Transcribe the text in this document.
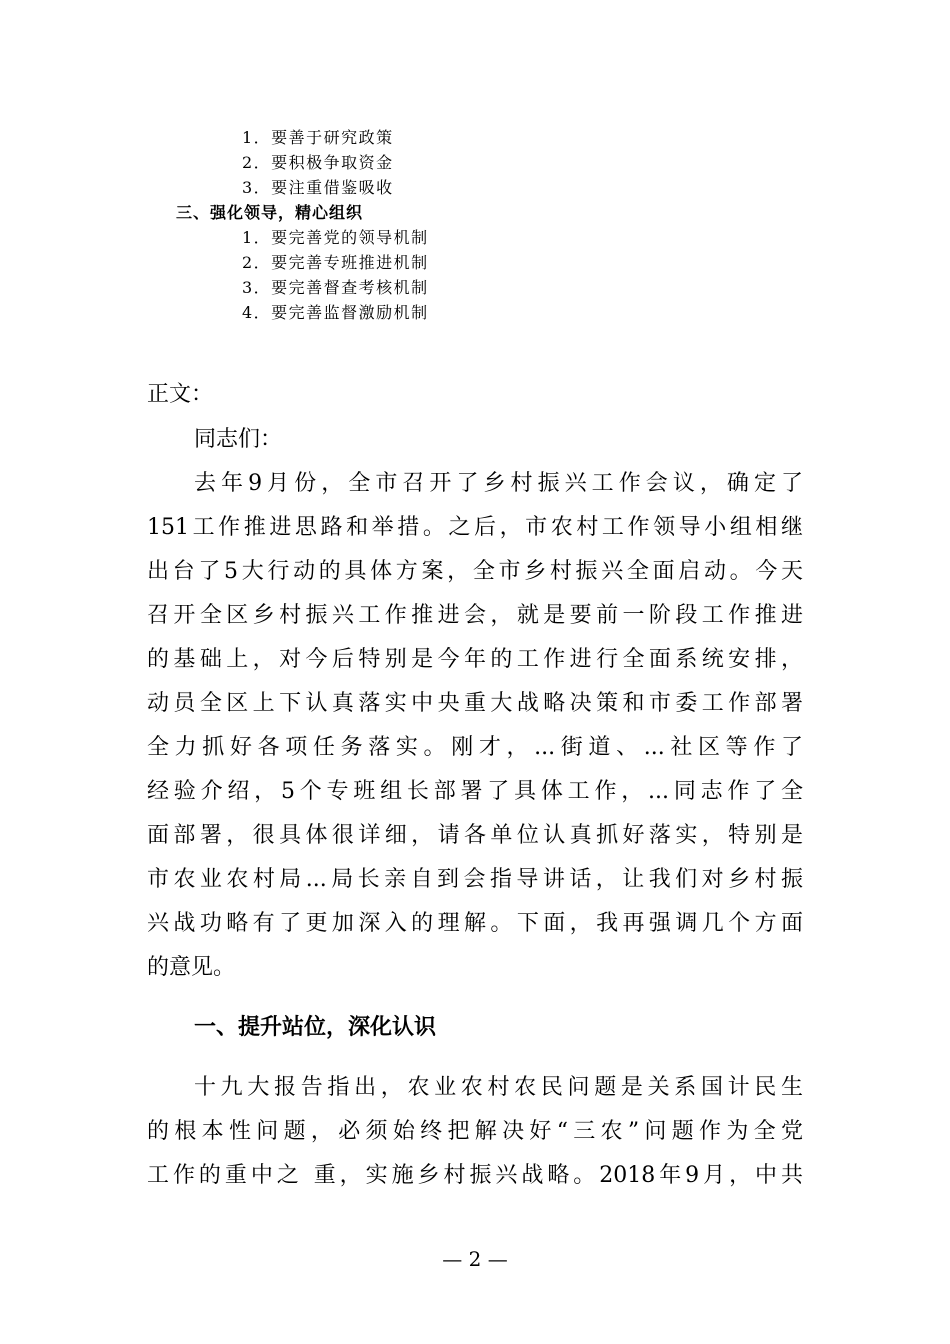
1．要善于研究政策
2．要积极争取资金
3．要注重借鉴吸收
三、强化领导，精心组织
1．要完善党的领导机制
2．要完善专班推进机制
3．要完善督查考核机制
4．要完善监督激励机制
正文：
同志们：
去年9月份，全市召开了乡村振兴工作会议，确定了
151工作推进思路和举措。之后，市农村工作领导小组相继
出台了5大行动的具体方案，全市乡村振兴全面启动。今天
召开全区乡村振兴工作推进会，就是要前一阶段工作推进
的基础上，对今后特别是今年的工作进行全面系统安排，
动员全区上下认真落实中央重大战略决策和市委工作部署
全力抓好各项任务落实。刚才，...街道、...社区等作了
经验介绍，5个专班组长部署了具体工作，...同志作了全
面部署，很具体很详细，请各单位认真抓好落实，特别是
市农业农村局...局长亲自到会指导讲话，让我们对乡村振
兴战功略有了更加深入的理解。下面，我再强调几个方面
的意见。
一、提升站位，深化认识
十九大报告指出，农业农村农民问题是关系国计民生
的根本性问题，必须始终把解决好“三农”问题作为全党
工作的重中之 重，实施乡村振兴战略。2018年9月，中共
— 2 —
